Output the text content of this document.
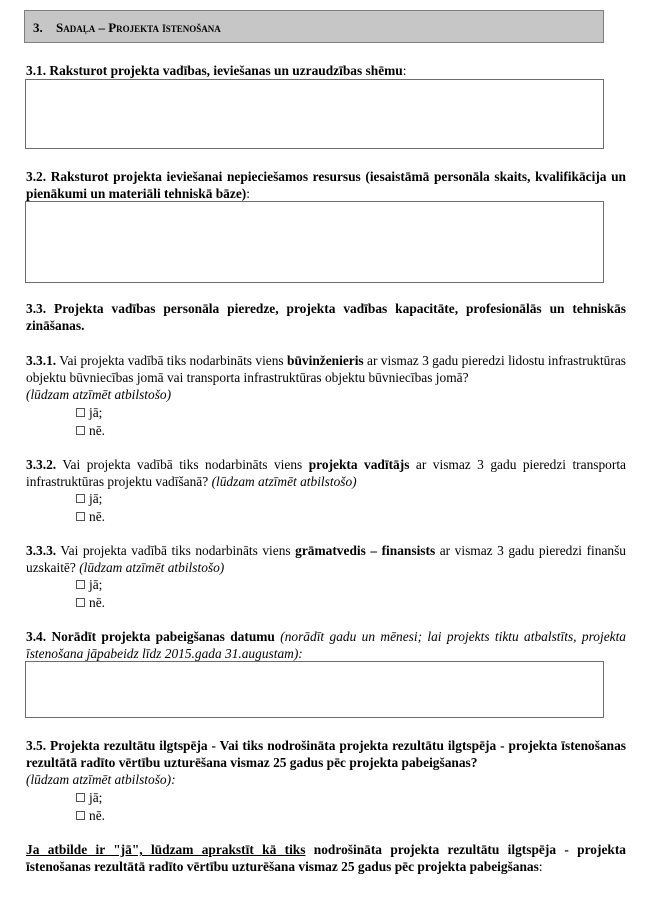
3. Sadaļa – Projekta īstenošana
3.1. Raksturot projekta vadības, ieviešanas un uzraudzības shēmu:
3.2. Raksturot projekta ieviešanai nepieciešamos resursus (iesaistāmā personāla skaits, kvalifikācija un pienākumi un materiāli tehniskā bāze):
3.3. Projekta vadības personāla pieredze, projekta vadības kapacitāte, profesionālās un tehniskās zināšanas.
3.3.1. Vai projekta vadībā tiks nodarbināts viens būvinženieris ar vismaz 3 gadu pieredzi lidostu infrastruktūras objektu būvniecības jomā vai transporta infrastruktūras objektu būvniecības jomā?
(lūdzam atzīmēt atbilstošo)
jā;
nē.
3.3.2. Vai projekta vadībā tiks nodarbināts viens projekta vadītājs ar vismaz 3 gadu pieredzi transporta infrastruktūras projektu vadīšanā? (lūdzam atzīmēt atbilstošo)
jā;
nē.
3.3.3. Vai projekta vadībā tiks nodarbināts viens grāmatvedis – finansists ar vismaz 3 gadu pieredzi finanšu uzskaitē? (lūdzam atzīmēt atbilstošo)
jā;
nē.
3.4. Norādīt projekta pabeigšanas datumu (norādīt gadu un mēnesi; lai projekts tiktu atbalstīts, projekta īstenošana jāpabeidz līdz 2015.gada 31.augustam):
3.5. Projekta rezultātu ilgtspēja - Vai tiks nodrošināta projekta rezultātu ilgtspēja - projekta īstenošanas rezultātā radīto vērtību uzturēšana vismaz 25 gadus pēc projekta pabeigšanas?
(lūdzam atzīmēt atbilstošo):
jā;
nē.
Ja atbilde ir "jā", lūdzam aprakstīt kā tiks nodrošināta projekta rezultātu ilgtspēja - projekta īstenošanas rezultātā radīto vērtību uzturēšana vismaz 25 gadus pēc projekta pabeigšanas:
